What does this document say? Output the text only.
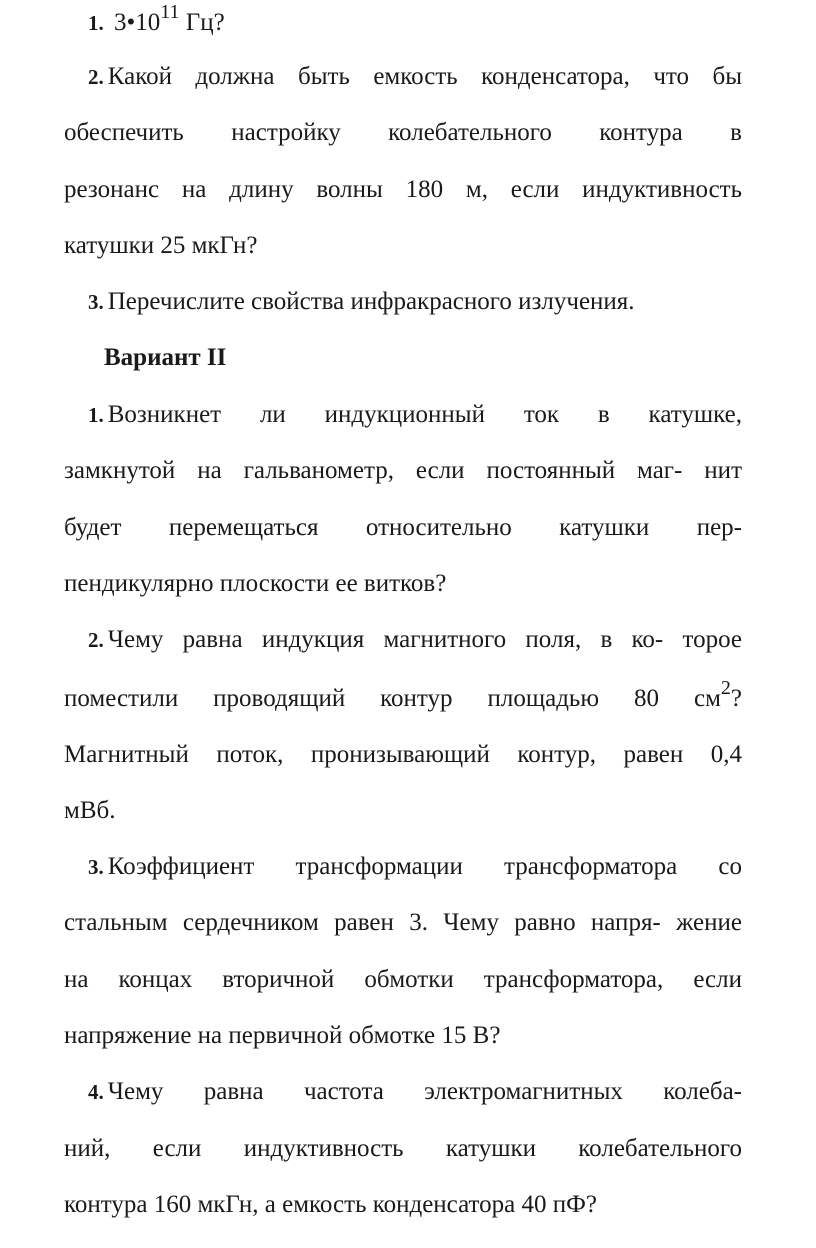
1. $3•10^{11}$ Гц?
2. Какой должна быть емкость конденсатора, что бы
обеспечить настройку колебательного контура в
резонанс на длину волны 180 м, если индуктивность
катушки 25 мкГн?
3. Перечислите свойства инфракрасного излучения.
Вариант II
1. Возникнет ли индукционный ток в катушке,
замкнутой на гальванометр, если постоянный маг- нит
будет перемещаться относительно катушки пер-
пендикулярно плоскости ее витков?
2. Чему равна индукция магнитного поля, в ко- торое
поместили проводящий контур площадью 80 $см^2$?
Магнитный поток, пронизывающий контур, равен 0,4
мВб.
3. Коэффициент трансформации трансформатора со
стальным сердечником равен 3. Чему равно напря- жение
на концах вторичной обмотки трансформатора, если
напряжение на первичной обмотке 15 В?
4. Чему равна частота электромагнитных колеба-
ний, если индуктивность катушки колебательного
контура 160 мкГн, а емкость конденсатора 40 пФ?
